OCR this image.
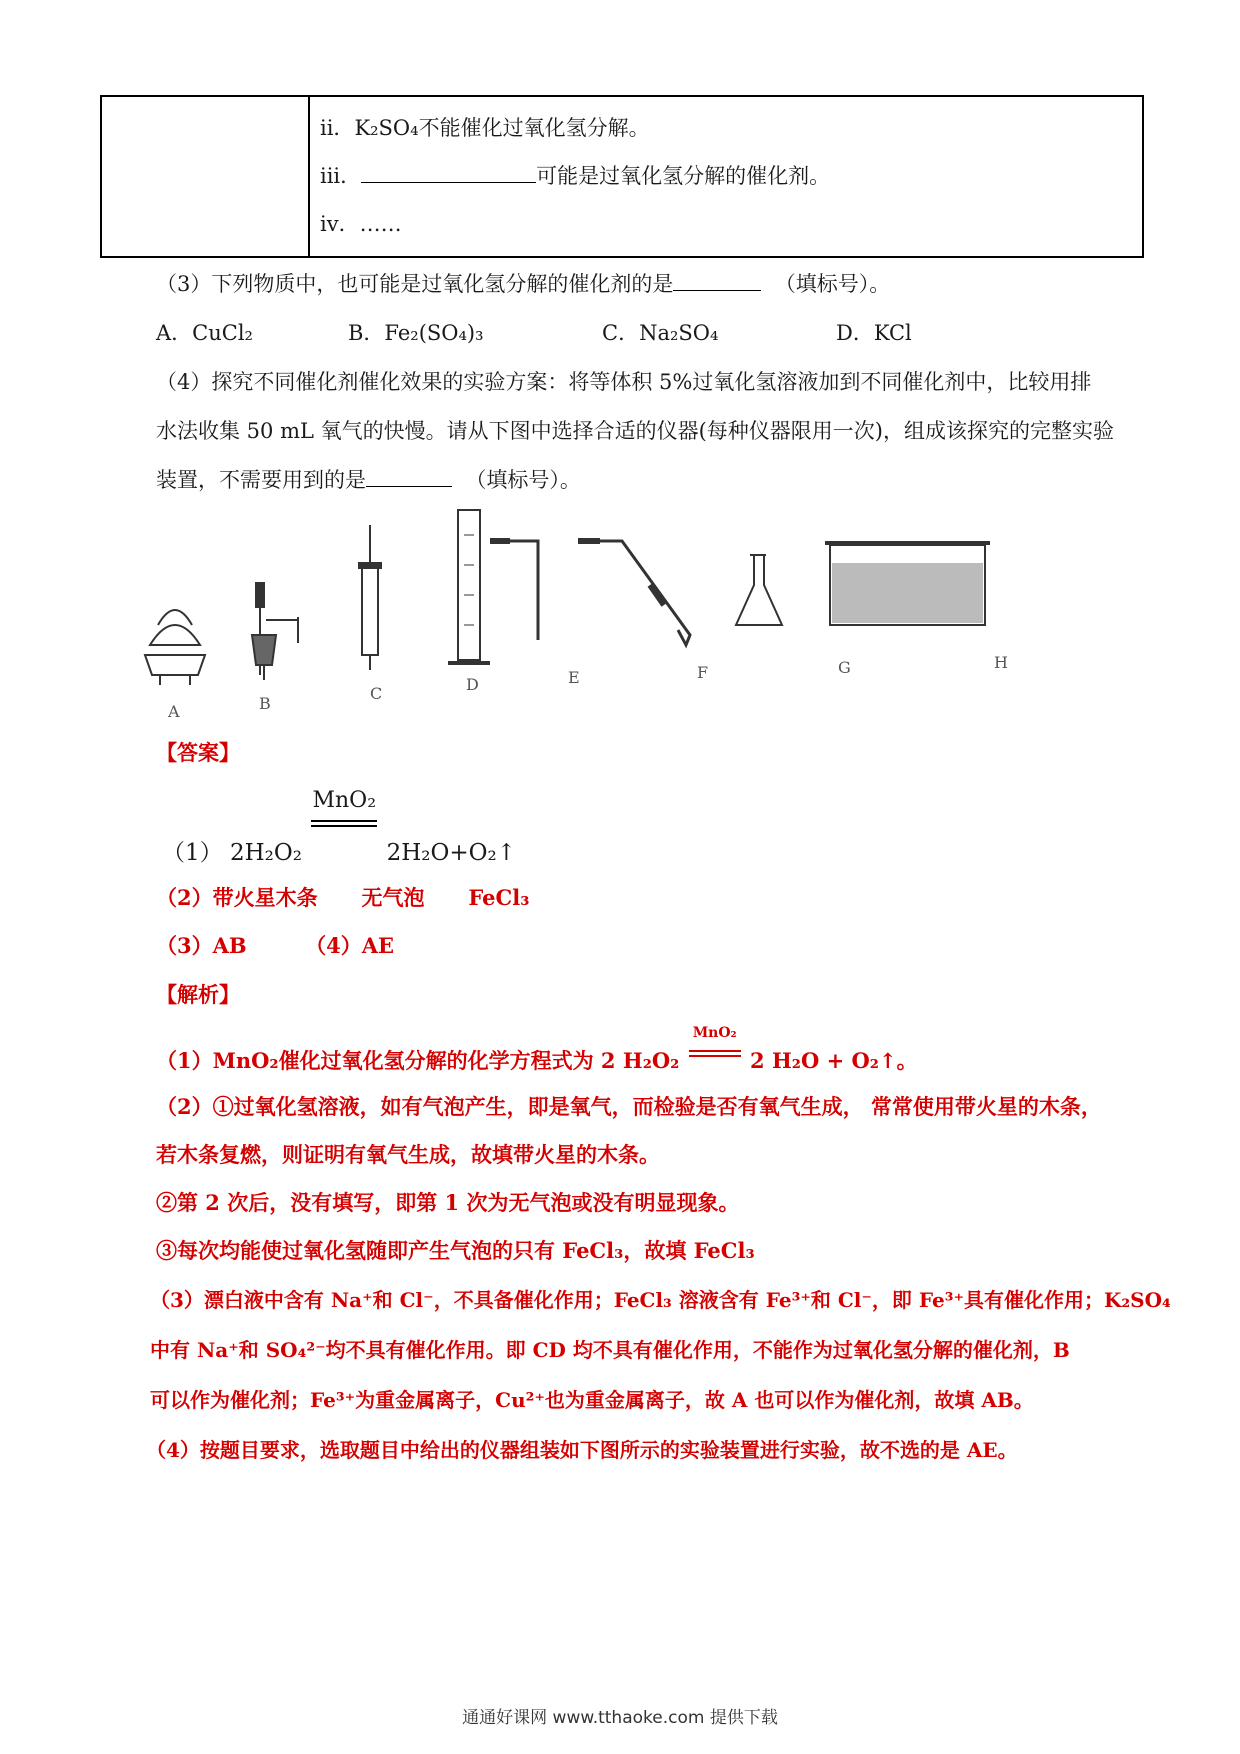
ii．K₂SO₄不能催化过氧化氢分解。
iii．	可能是过氧化氢分解的催化剂。
iv．……
（3）下列物质中，也可能是过氧化氢分解的催化剂的是	（填标号）。
A．CuCl₂	B．Fe₂(SO₄)₃	C．Na₂SO₄	D．KCl
（4）探究不同催化剂催化效果的实验方案：将等体积 5%过氧化氢溶液加到不同催化剂中，比较用排
水法收集 50 mL 氧气的快慢。请从下图中选择合适的仪器(每种仪器限用一次)，组成该探究的完整实验
装置，不需要用到的是	（填标号）。
A	B
C	D	E	F	G	H
【答案】
（1） 2H₂O₂
MnO₂
2H₂O+O₂↑
（2）带火星木条 无气泡 FeCl₃
（3）AB	（4）AE
【解析】
（1）MnO₂催化过氧化氢分解的化学方程式为 2 H₂O₂
MnO₂
2 H₂O + O₂↑。
（2）①过氧化氢溶液，如有气泡产生，即是氧气，而检验是否有氧气生成， 常常使用带火星的木条，
若木条复燃，则证明有氧气生成，故填带火星的木条。
②第 2 次后，没有填写，即第 1 次为无气泡或没有明显现象。
③每次均能使过氧化氢随即产生气泡的只有 FeCl₃，故填 FeCl₃
（3）漂白液中含有 Na⁺和 Cl⁻，不具备催化作用；FeCl₃ 溶液含有 Fe³⁺和 Cl⁻，即 Fe³⁺具有催化作用；K₂SO₄
中有 Na⁺和 SO₄²⁻均不具有催化作用。即 CD 均不具有催化作用，不能作为过氧化氢分解的催化剂，B
可以作为催化剂；Fe³⁺为重金属离子，Cu²⁺也为重金属离子，故 A 也可以作为催化剂，故填 AB。
（4）按题目要求，选取题目中给出的仪器组装如下图所示的实验装置进行实验，故不选的是 AE。
通通好课网 www.tthaoke.com 提供下载
